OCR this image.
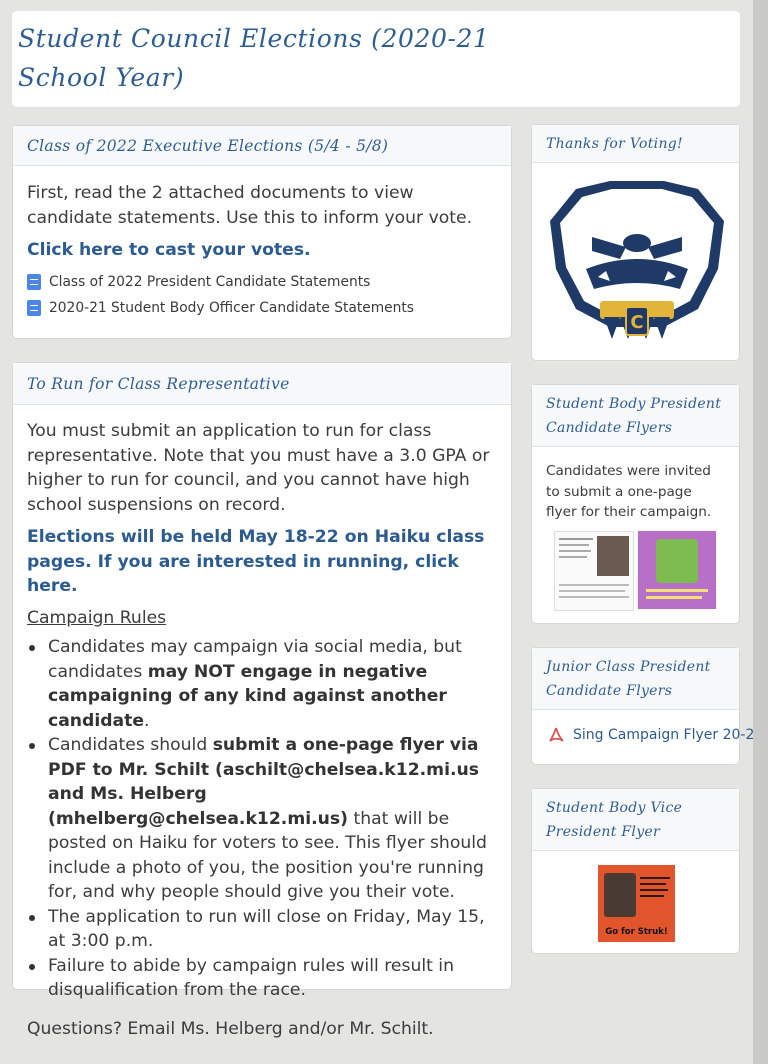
Student Council Elections (2020-21
School Year)
Class of 2022 Executive Elections (5/4 - 5/8)
First, read the 2 attached documents to view candidate statements. Use this to inform your vote.
Click here to cast your votes.
Class of 2022 President Candidate Statements
2020-21 Student Body Officer Candidate Statements
To Run for Class Representative
You must submit an application to run for class representative. Note that you must have a 3.0 GPA or higher to run for council, and you cannot have high school suspensions on record.
Elections will be held May 18-22 on Haiku class pages. If you are interested in running, click here.
Campaign Rules
Candidates may campaign via social media, but candidates may NOT engage in negative campaigning of any kind against another candidate.
Candidates should submit a one-page flyer via PDF to Mr. Schilt (aschilt@chelsea.k12.mi.us and Ms. Helberg (mhelberg@chelsea.k12.mi.us) that will be posted on Haiku for voters to see. This flyer should include a photo of you, the position you're running for, and why people should give you their vote.
The application to run will close on Friday, May 15, at 3:00 p.m.
Failure to abide by campaign rules will result in disqualification from the race.
Questions? Email Ms. Helberg and/or Mr. Schilt.
Thanks for Voting!
C
Student Body President Candidate Flyers
Candidates were invited to submit a one-page flyer for their campaign.
Junior Class President Candidate Flyers
Sing Campaign Flyer 20-2
Student Body Vice President Flyer
Go for Struk!
